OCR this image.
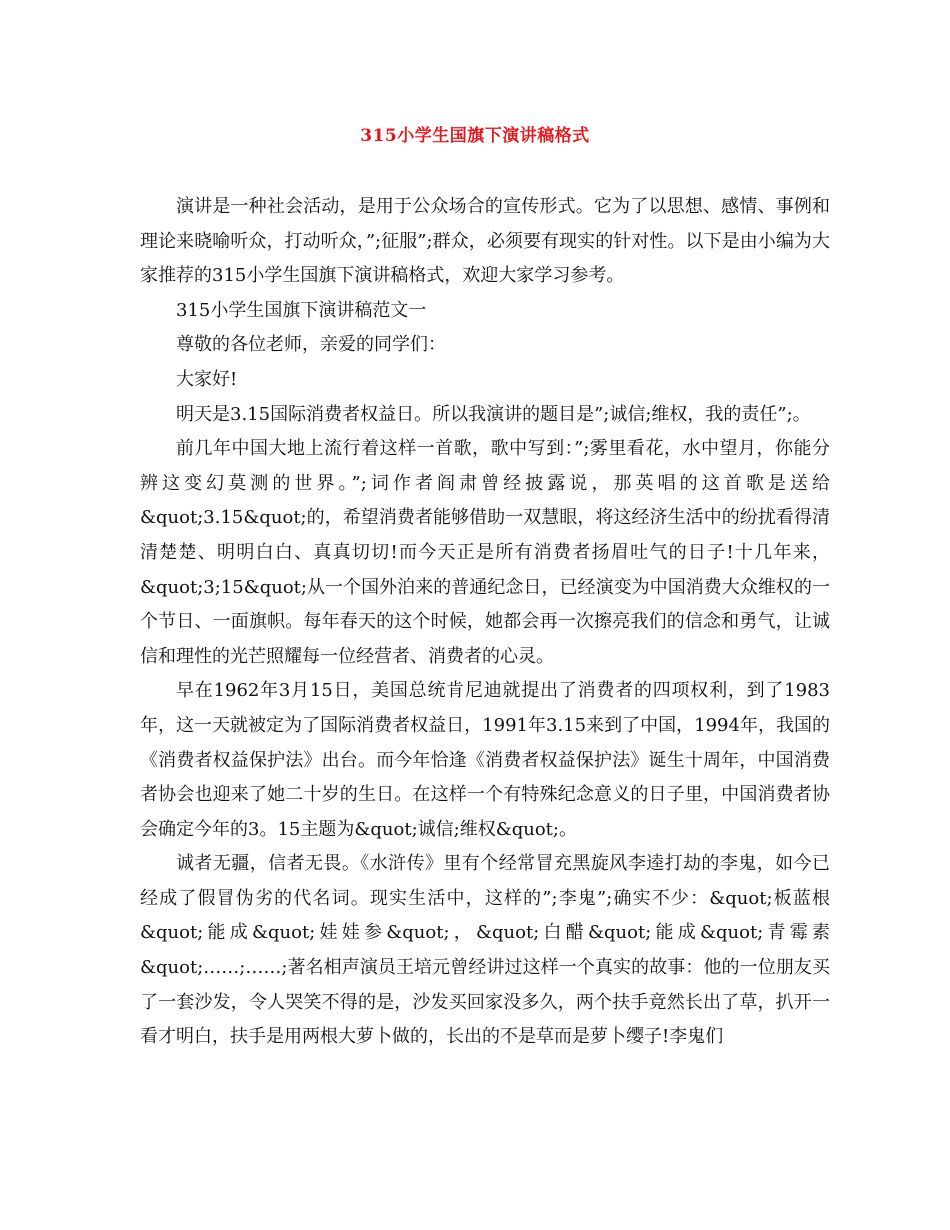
315小学生国旗下演讲稿格式

演讲是一种社会活动，是用于公众场合的宣传形式。它为了以思想、感情、事例和理论来晓喻听众，打动听众，”;征服”;群众，必须要有现实的针对性。以下是由小编为大家推荐的315小学生国旗下演讲稿格式，欢迎大家学习参考。

315小学生国旗下演讲稿范文一

尊敬的各位老师，亲爱的同学们：

大家好!

明天是3.15国际消费者权益日。所以我演讲的题目是”;诚信;维权，我的责任”;。

前几年中国大地上流行着这样一首歌，歌中写到：”;雾里看花，水中望月，你能分辨这变幻莫测的世界。”;词作者阎肃曾经披露说，那英唱的这首歌是送给&quot;3.15&quot;的，希望消费者能够借助一双慧眼，将这经济生活中的纷扰看得清清楚楚、明明白白、真真切切!而今天正是所有消费者扬眉吐气的日子!十几年来，&quot;3;15&quot;从一个国外泊来的普通纪念日，已经演变为中国消费大众维权的一个节日、一面旗帜。每年春天的这个时候，她都会再一次擦亮我们的信念和勇气，让诚信和理性的光芒照耀每一位经营者、消费者的心灵。

早在1962年3月15日，美国总统肯尼迪就提出了消费者的四项权利，到了1983年，这一天就被定为了国际消费者权益日，1991年3.15来到了中国，1994年，我国的《消费者权益保护法》出台。而今年恰逢《消费者权益保护法》诞生十周年，中国消费者协会也迎来了她二十岁的生日。在这样一个有特殊纪念意义的日子里，中国消费者协会确定今年的3。15主题为&quot;诚信;维权&quot;。

诚者无疆，信者无畏。《水浒传》里有个经常冒充黑旋风李逵打劫的李鬼，如今已经成了假冒伪劣的代名词。现实生活中，这样的”;李鬼”;确实不少：&quot;板蓝根&quot;能成&quot;娃娃参&quot;，&quot;白醋&quot;能成&quot;青霉素&quot;……;……;著名相声演员王培元曾经讲过这样一个真实的故事：他的一位朋友买了一套沙发，令人哭笑不得的是，沙发买回家没多久，两个扶手竟然长出了草，扒开一看才明白，扶手是用两根大萝卜做的，长出的不是草而是萝卜缨子!李鬼们
